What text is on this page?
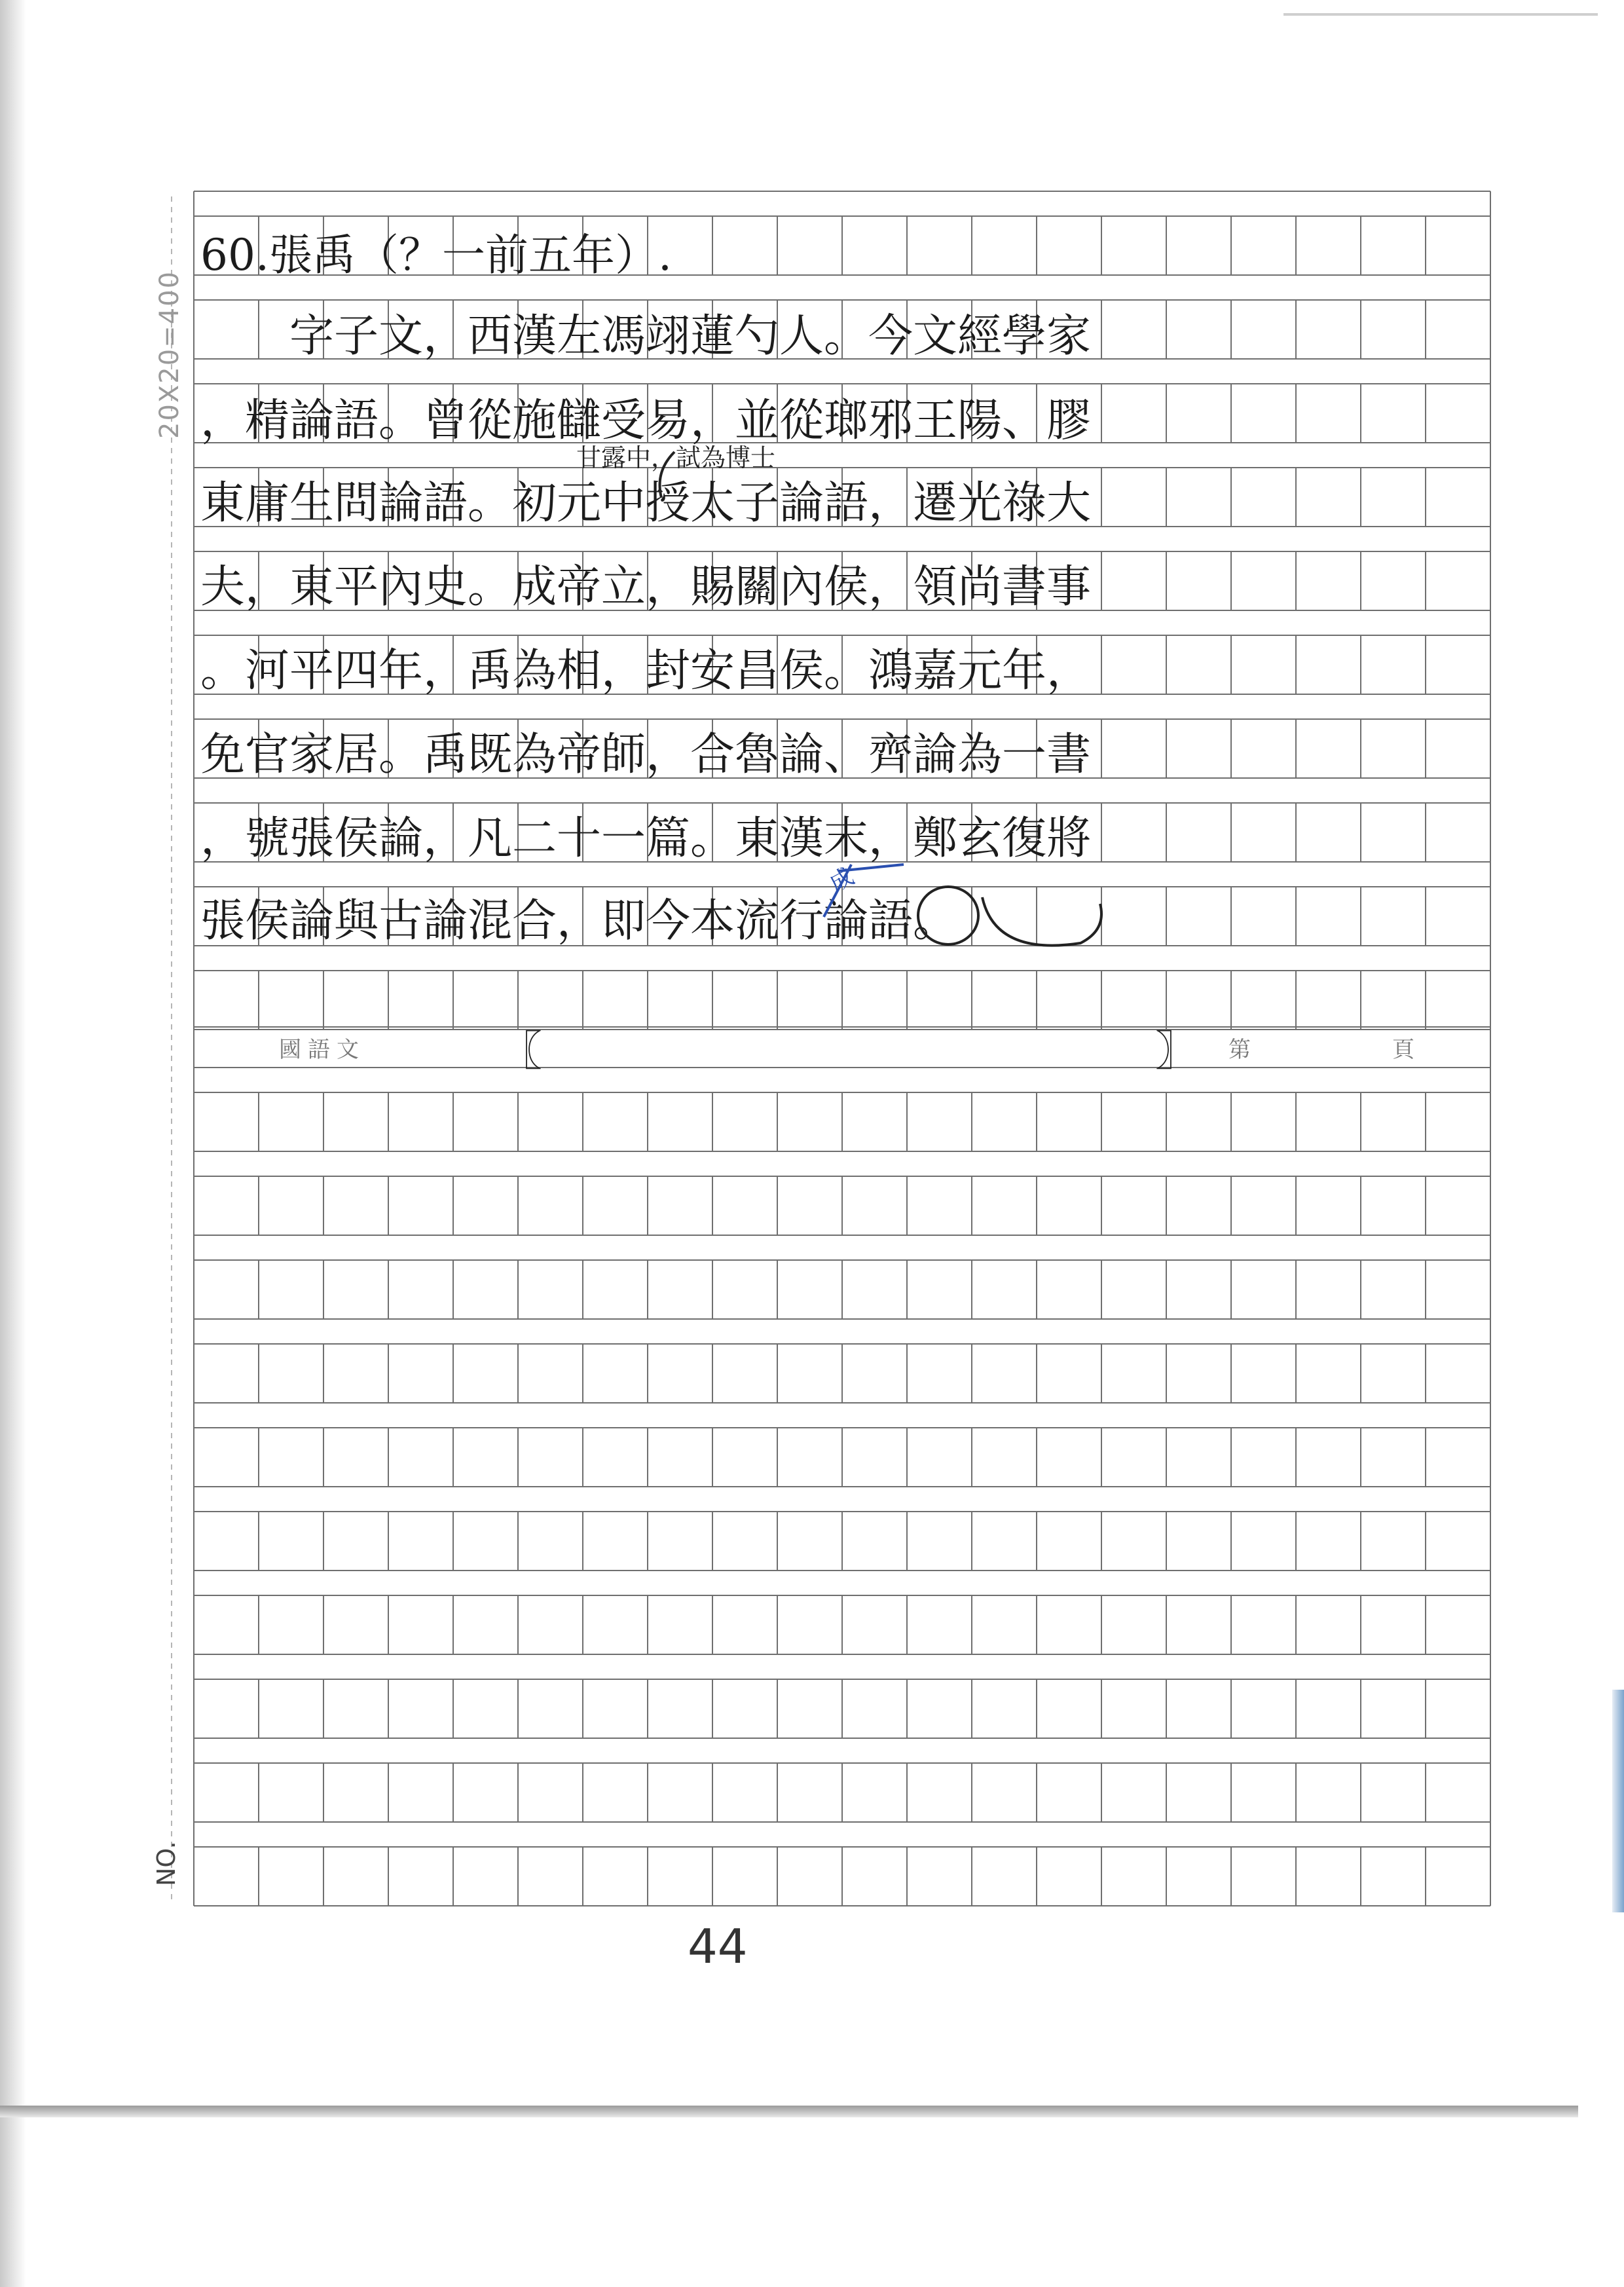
20X20=400
NO.
60.張禹（？一前五年）.
　　字子文，西漢左馮翊蓮勺人。今文經學家
，精論語。曾從施讎受易，並從瑯邪王陽、膠
東庸生問論語。初元中授太子論語，遷光祿大
夫，東平內史。成帝立，賜關內侯，領尚書事
。河平四年，禹為相，封安昌侯。鴻嘉元年，
免官家居。禹既為帝師，合魯論、齊論為一書
，號張侯論，凡二十一篇。東漢末，鄭玄復將
張侯論與古論混合，即今本流行論語。
甘露中，試為博士
成
國語文	〖	〗 第	頁
44
